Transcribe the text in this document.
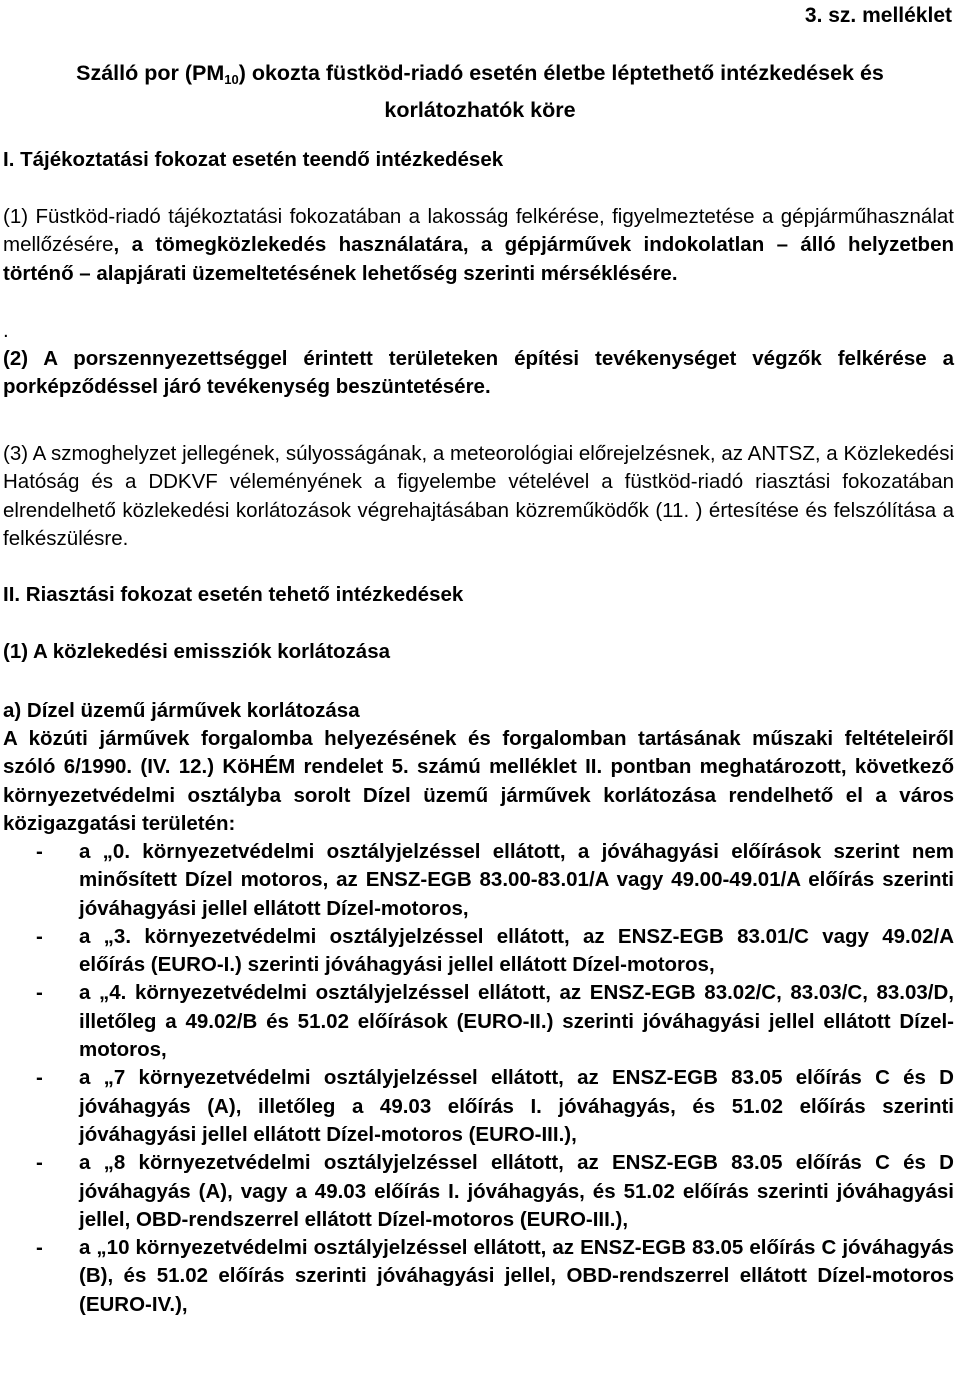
3. sz. melléklet
Szálló por $(PM_{10})$ okozta füstköd-riadó esetén életbe léptethető intézkedések és
korlátozhatók köre
I. Tájékoztatási fokozat esetén teendő intézkedések
(1) Füstköd-riadó tájékoztatási fokozatában a lakosság felkérése, figyelmeztetése a gépjárműhasználat mellőzésére, a tömegközlekedés használatára, a gépjárművek indokolatlan – álló helyzetben történő – alapjárati üzemeltetésének lehetőség szerinti mérséklésére.
.
(2) A porszennyezettséggel érintett területeken építési tevékenységet végzők felkérése a porképződéssel járó tevékenység beszüntetésére.
(3) A szmoghelyzet jellegének, súlyosságának, a meteorológiai előrejelzésnek, az ANTSZ, a Közlekedési Hatóság és a DDKVF véleményének a figyelembe vételével a füstköd-riadó riasztási fokozatában elrendelhető közlekedési korlátozások végrehajtásában közreműködők (11. ) értesítése és felszólítása a felkészülésre.
II. Riasztási fokozat esetén tehető intézkedések
(1) A közlekedési emissziók korlátozása
a) Dízel üzemű járművek korlátozása
A közúti járművek forgalomba helyezésének és forgalomban tartásának műszaki feltételeiről szóló 6/1990. (IV. 12.) KöHÉM rendelet 5. számú melléklet II. pontban meghatározott, következő környezetvédelmi osztályba sorolt Dízel üzemű járművek korlátozása rendelhető el a város közigazgatási területén:
- a „0. környezetvédelmi osztályjelzéssel ellátott, a jóváhagyási előírások szerint nem minősített Dízel motoros, az ENSZ-EGB 83.00-83.01/A vagy 49.00-49.01/A előírás szerinti jóváhagyási jellel ellátott Dízel-motoros,
- a „3. környezetvédelmi osztályjelzéssel ellátott, az ENSZ-EGB 83.01/C vagy 49.02/A előírás (EURO-I.) szerinti jóváhagyási jellel ellátott Dízel-motoros,
- a „4. környezetvédelmi osztályjelzéssel ellátott, az ENSZ-EGB 83.02/C, 83.03/C, 83.03/D, illetőleg a 49.02/B és 51.02 előírások (EURO-II.) szerinti jóváhagyási jellel ellátott Dízel-motoros,
- a „7 környezetvédelmi osztályjelzéssel ellátott, az ENSZ-EGB 83.05 előírás C és D jóváhagyás (A), illetőleg a 49.03 előírás I. jóváhagyás, és 51.02 előírás szerinti jóváhagyási jellel ellátott Dízel-motoros (EURO-III.),
- a „8 környezetvédelmi osztályjelzéssel ellátott, az ENSZ-EGB 83.05 előírás C és D jóváhagyás (A), vagy a 49.03 előírás I. jóváhagyás, és 51.02 előírás szerinti jóváhagyási jellel, OBD-rendszerrel ellátott Dízel-motoros (EURO-III.),
- a „10 környezetvédelmi osztályjelzéssel ellátott, az ENSZ-EGB 83.05 előírás C jóváhagyás (B), és 51.02 előírás szerinti jóváhagyási jellel, OBD-rendszerrel ellátott Dízel-motoros (EURO-IV.),
